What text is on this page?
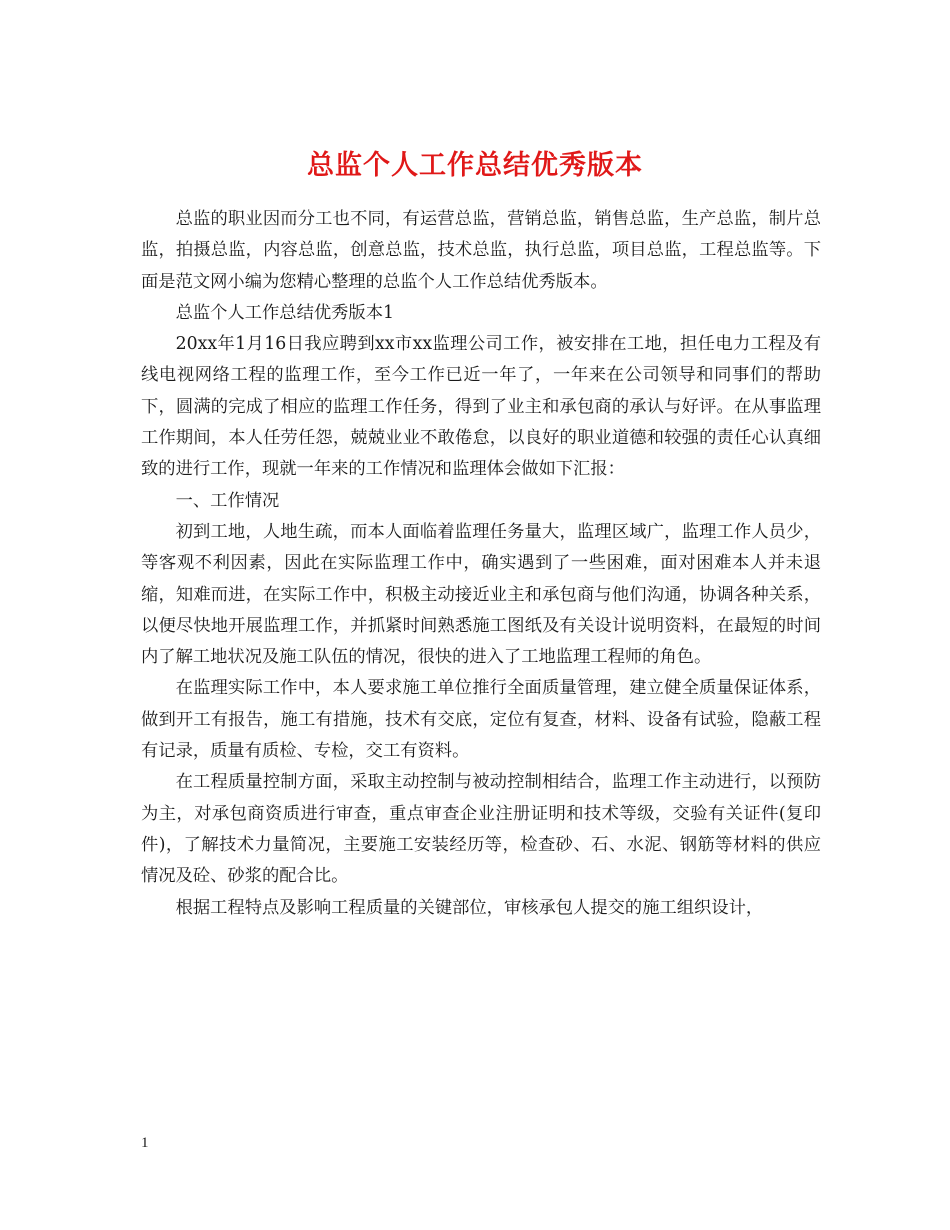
总监个人工作总结优秀版本

总监的职业因而分工也不同，有运营总监，营销总监，销售总监，生产总监，制片总监，拍摄总监，内容总监，创意总监，技术总监，执行总监，项目总监，工程总监等。下面是范文网小编为您精心整理的总监个人工作总结优秀版本。

总监个人工作总结优秀版本1

20xx年1月16日我应聘到xx市xx监理公司工作，被安排在工地，担任电力工程及有线电视网络工程的监理工作，至今工作已近一年了，一年来在公司领导和同事们的帮助下，圆满的完成了相应的监理工作任务，得到了业主和承包商的承认与好评。在从事监理工作期间，本人任劳任怨，兢兢业业不敢倦怠，以良好的职业道德和较强的责任心认真细致的进行工作，现就一年来的工作情况和监理体会做如下汇报：

一、工作情况

初到工地，人地生疏，而本人面临着监理任务量大，监理区域广，监理工作人员少，等客观不利因素，因此在实际监理工作中，确实遇到了一些困难，面对困难本人并未退缩，知难而进，在实际工作中，积极主动接近业主和承包商与他们沟通，协调各种关系，以便尽快地开展监理工作，并抓紧时间熟悉施工图纸及有关设计说明资料，在最短的时间内了解工地状况及施工队伍的情况，很快的进入了工地监理工程师的角色。

在监理实际工作中，本人要求施工单位推行全面质量管理，建立健全质量保证体系，做到开工有报告，施工有措施，技术有交底，定位有复查，材料、设备有试验，隐蔽工程有记录，质量有质检、专检，交工有资料。

在工程质量控制方面，采取主动控制与被动控制相结合，监理工作主动进行，以预防为主，对承包商资质进行审查，重点审查企业注册证明和技术等级，交验有关证件(复印件)，了解技术力量简况，主要施工安装经历等，检查砂、石、水泥、钢筋等材料的供应情况及砼、砂浆的配合比。

根据工程特点及影响工程质量的关键部位，审核承包人提交的施工组织设计，

1
